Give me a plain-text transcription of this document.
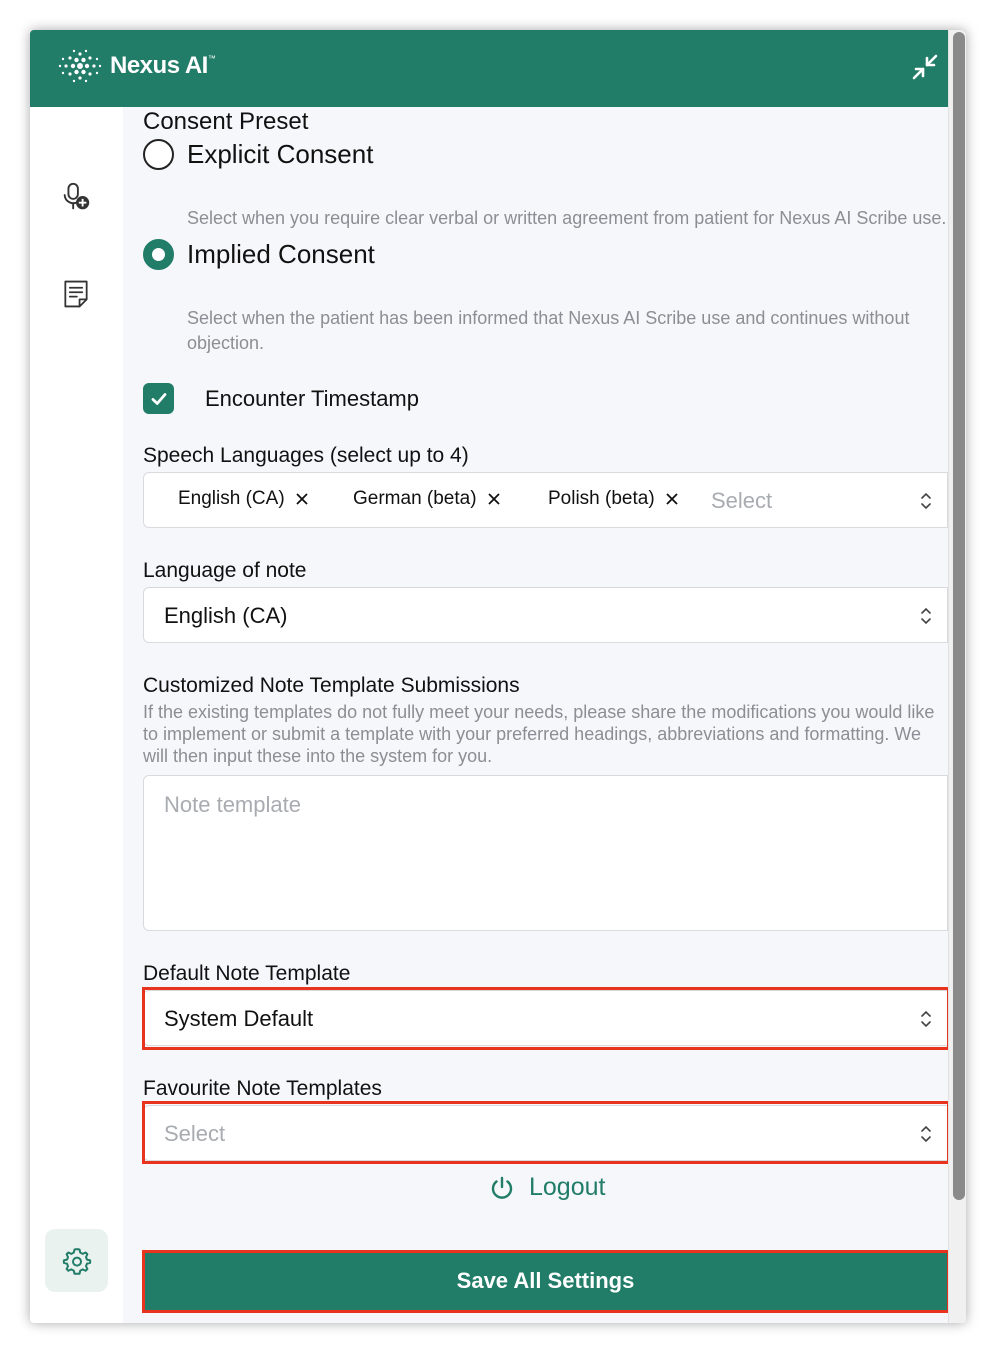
Nexus AI ™
Consent Preset
Explicit Consent
Select when you require clear verbal or written agreement from patient for Nexus AI Scribe use.
Implied Consent
Select when the patient has been informed that Nexus AI Scribe use and continues without objection.
Encounter Timestamp
Speech Languages (select up to 4)
English (CA)	German (beta)	Polish (beta)	Select
Language of note
English (CA)
Customized Note Template Submissions
If the existing templates do not fully meet your needs, please share the modifications you would like to implement or submit a template with your preferred headings, abbreviations and formatting. We will then input these into the system for you.
Note template
Default Note Template
System Default
Favourite Note Templates
Select
Logout
Save All Settings
